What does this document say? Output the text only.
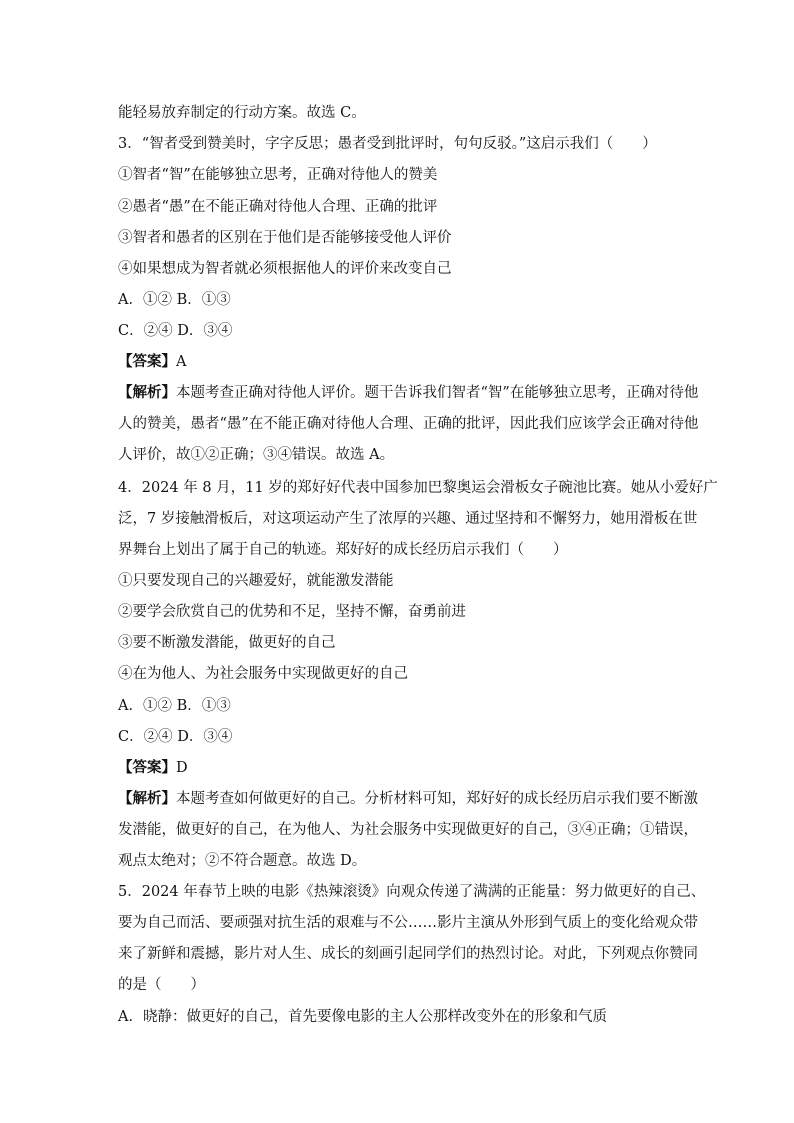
能轻易放弃制定的行动方案。故选 C。
3．“智者受到赞美时，字字反思；愚者受到批评时，句句反驳。”这启示我们（　　）
①智者“智”在能够独立思考，正确对待他人的赞美
②愚者“愚”在不能正确对待他人合理、正确的批评
③智者和愚者的区别在于他们是否能够接受他人评价
④如果想成为智者就必须根据他人的评价来改变自己
A．①② B．①③
C．②④ D．③④
【答案】A
【解析】本题考查正确对待他人评价。题干告诉我们智者“智”在能够独立思考，正确对待他
人的赞美，愚者“愚”在不能正确对待他人合理、正确的批评，因此我们应该学会正确对待他
人评价，故①②正确；③④错误。故选 A。
4．2024 年 8 月，11 岁的郑好好代表中国参加巴黎奥运会滑板女子碗池比赛。她从小爱好广
泛，7 岁接触滑板后，对这项运动产生了浓厚的兴趣、通过坚持和不懈努力，她用滑板在世
界舞台上划出了属于自己的轨迹。郑好好的成长经历启示我们（　　）
①只要发现自己的兴趣爱好，就能激发潜能
②要学会欣赏自己的优势和不足，坚持不懈，奋勇前进
③要不断激发潜能，做更好的自己
④在为他人、为社会服务中实现做更好的自己
A．①② B．①③
C．②④ D．③④
【答案】D
【解析】本题考查如何做更好的自己。分析材料可知，郑好好的成长经历启示我们要不断激
发潜能，做更好的自己，在为他人、为社会服务中实现做更好的自己，③④正确；①错误，
观点太绝对；②不符合题意。故选 D。
5．2024 年春节上映的电影《热辣滚烫》向观众传递了满满的正能量：努力做更好的自己、
要为自己而活、要顽强对抗生活的艰难与不公……影片主演从外形到气质上的变化给观众带
来了新鲜和震撼，影片对人生、成长的刻画引起同学们的热烈讨论。对此，下列观点你赞同
的是（　　）
A．晓静：做更好的自己，首先要像电影的主人公那样改变外在的形象和气质
